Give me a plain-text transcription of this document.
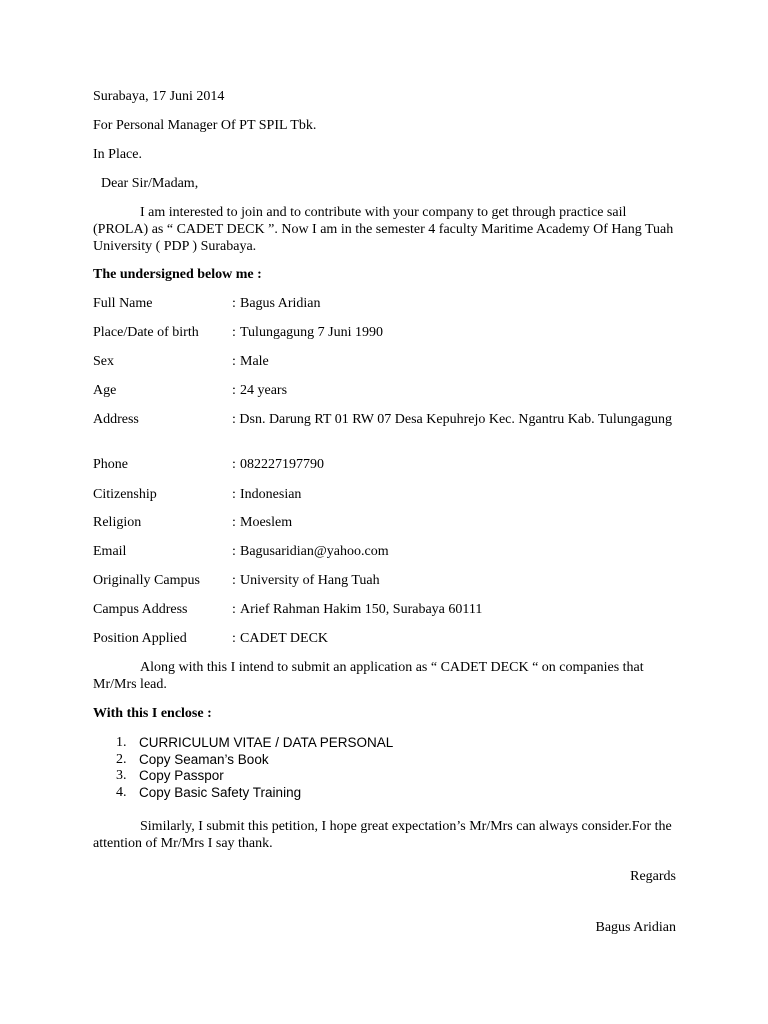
Surabaya, 17 Juni 2014
For Personal Manager Of PT SPIL Tbk.
In Place.
Dear Sir/Madam,
I am interested to join and to contribute with your company to get through practice sail (PROLA) as “ CADET DECK ”. Now I am in the semester 4 faculty Maritime Academy Of Hang Tuah University ( PDP ) Surabaya.
The undersigned below me :
Full Name	: Bagus Aridian
Place/Date of birth : Tulungagung 7 Juni 1990
Sex	: Male
Age	: 24 years
Address	: Dsn. Darung RT 01 RW 07 Desa Kepuhrejo Kec. Ngantru Kab. Tulungagung
Phone	: 082227197790
Citizenship	: Indonesian
Religion	: Moeslem
Email	: Bagusaridian@yahoo.com
Originally Campus : University of Hang Tuah
Campus Address	: Arief Rahman Hakim 150, Surabaya 60111
Position Applied	: CADET DECK
Along with this I intend to submit an application as “ CADET DECK “ on companies that Mr/Mrs lead.
With this I enclose :
1. CURRICULUM VITAE / DATA PERSONAL
2. Copy Seaman’s Book
3. Copy Passpor
4. Copy Basic Safety Training
Similarly, I submit this petition, I hope great expectation’s Mr/Mrs can always consider.For the attention of Mr/Mrs I say thank.
Regards
Bagus Aridian
